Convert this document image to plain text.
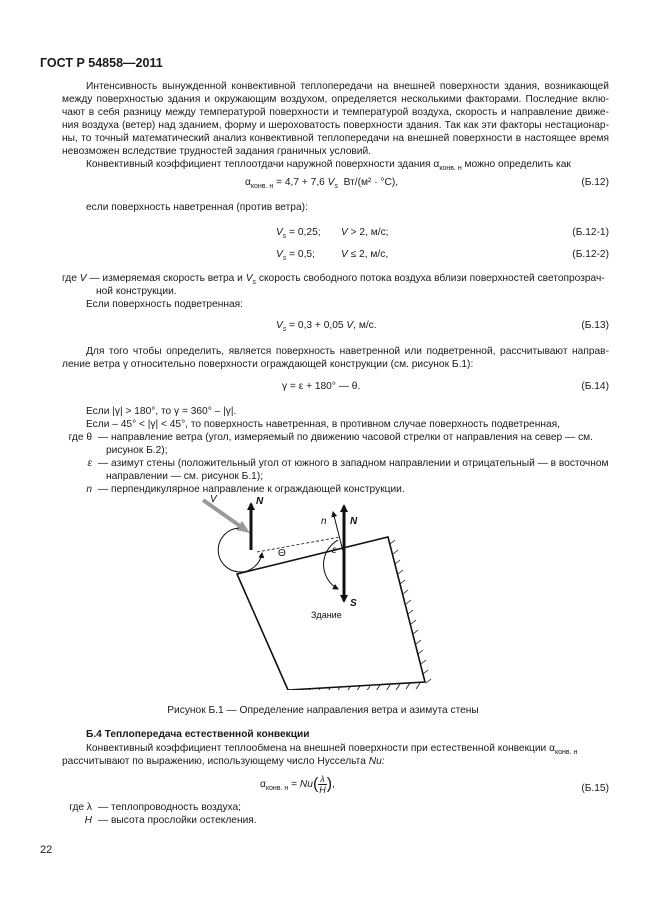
ГОСТ Р 54858—2011
Интенсивность вынужденной конвективной теплопередачи на внешней поверхности здания, возникающей
между поверхностью здания и окружающим воздухом, определяется несколькими факторами. Последние вклю-
чают в себя разницу между температурой поверхности и температурой воздуха, скорость и направление движе-
ния воздуха (ветер) над зданием, форму и шероховатость поверхности здания. Так как эти факторы нестационар-
ны, то точный математический анализ конвективной теплопередачи на внешней поверхности в настоящее время
невозможен вследствие трудностей задания граничных условий.
Конвективный коэффициент теплоотдачи наружной поверхности здания $\alpha_{конв. н}$ можно определить как
$\alpha_{конв. н} = 4,7 + 7,6$ $V_s$ Вт/(м² · °С),	(Б.12)
если поверхность наветренная (против ветра):
$V_s = 0,25$; V > 2, м/с;	(Б.12-1)
$V_s = 0,5$;	V ≤ 2, м/с,	(Б.12-2)
где V — измеряемая скорость ветра и $V_s$ скорость свободного потока воздуха вблизи поверхностей светопрозрач-
ной конструкции.
Если поверхность подветренная:
$V_s = 0,3 + 0,05$ V, м/с.	(Б.13)
Для того чтобы определить, является поверхность наветренной или подветренной, рассчитывают направ-
ление ветра γ относительно поверхности ограждающей конструкции (см. рисунок Б.1):
γ = ε + 180° — θ.	(Б.14)
Если |γ| > 180°, то γ = 360° – |γ|.
Если – 45° < |γ| < 45°, то поверхность наветренная, в противном случае поверхность подветренная,
где θ — направление ветра (угол, измеряемый по движению часовой стрелки от направления на север — см.
рисунок Б.2);
ε — азимут стены (положительный угол от южного в западном направлении и отрицательный — в восточном
направлении — см. рисунок Б.1);
n — перпендикулярное направление к ограждающей конструкции.
V	N
Θ
n N
S
ε
Здание
Рисунок Б.1 — Определение направления ветра и азимута стены
Б.4 Теплопередача естественной конвекции
Конвективный коэффициент теплообмена на внешней поверхности при естественной конвекции $\alpha_{конв. н}$
рассчитывают по выражению, использующему число Нуссельта Nu:
$\alpha_{конв. н} = Nu( \frac{\lambda}{H}$ ),	(Б.15)
где λ — теплопроводность воздуха;
H — высота прослойки остекления.
22
